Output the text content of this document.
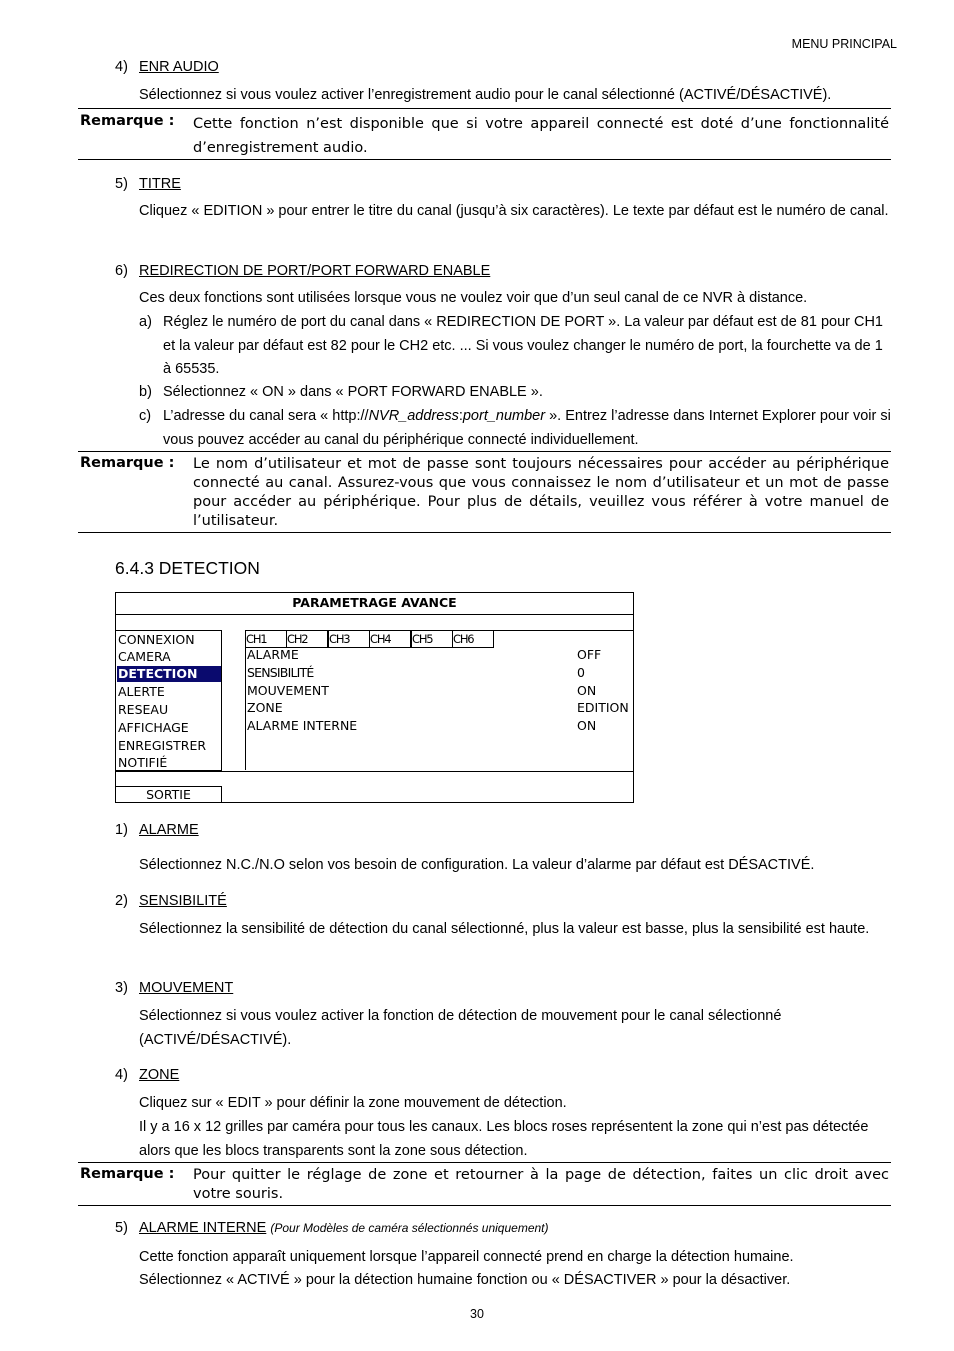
MENU PRINCIPAL
4) ENR AUDIO
Sélectionnez si vous voulez activer l’enregistrement audio pour le canal sélectionné (ACTIVÉ/DÉSACTIVÉ).
Remarque : Cette fonction n’est disponible que si votre appareil connecté est doté d’une fonctionnalité d’enregistrement audio.
5) TITRE
Cliquez « EDITION » pour entrer le titre du canal (jusqu’à six caractères). Le texte par défaut est le numéro de canal.
6) REDIRECTION DE PORT/PORT FORWARD ENABLE
Ces deux fonctions sont utilisées lorsque vous ne voulez voir que d’un seul canal de ce NVR à distance.
a) Réglez le numéro de port du canal dans « REDIRECTION DE PORT ». La valeur par défaut est de 81 pour CH1 et la valeur par défaut est 82 pour le CH2 etc. ... Si vous voulez changer le numéro de port, la fourchette va de 1 à 65535.
b) Sélectionnez « ON » dans « PORT FORWARD ENABLE ».
c) L’adresse du canal sera « http://NVR_address:port_number ». Entrez l’adresse dans Internet Explorer pour voir si vous pouvez accéder au canal du périphérique connecté individuellement.
Remarque : Le nom d’utilisateur et mot de passe sont toujours nécessaires pour accéder au périphérique connecté au canal. Assurez-vous que vous connaissez le nom d’utilisateur et un mot de passe pour accéder au périphérique. Pour plus de détails, veuillez vous référer à votre manuel de l’utilisateur.
6.4.3 DETECTION
PARAMETRAGE AVANCE
CONNEXION
CAMERA
DETECTION
ALERTE
RESEAU
AFFICHAGE
ENREGISTRER
NOTIFIÉ
CH1	CH2	CH3	CH4	CH5	CH6
ALARME	OFF
SENSIBILITÉ	0
MOUVEMENT	ON
ZONE	EDITION
ALARME INTERNE	ON
SORTIE
1) ALARME
Sélectionnez N.C./N.O selon vos besoin de configuration. La valeur d’alarme par défaut est DÉSACTIVÉ.
2) SENSIBILITÉ
Sélectionnez la sensibilité de détection du canal sélectionné, plus la valeur est basse, plus la sensibilité est haute.
3) MOUVEMENT
Sélectionnez si vous voulez activer la fonction de détection de mouvement pour le canal sélectionné (ACTIVÉ/DÉSACTIVÉ).
4) ZONE
Cliquez sur « EDIT » pour définir la zone mouvement de détection.
Il y a 16 x 12 grilles par caméra pour tous les canaux. Les blocs roses représentent la zone qui n’est pas détectée alors que les blocs transparents sont la zone sous détection.
Remarque : Pour quitter le réglage de zone et retourner à la page de détection, faites un clic droit avec votre souris.
5) ALARME INTERNE (Pour Modèles de caméra sélectionnés uniquement)
Cette fonction apparaît uniquement lorsque l’appareil connecté prend en charge la détection humaine.
Sélectionnez « ACTIVÉ » pour la détection humaine fonction ou « DÉSACTIVER » pour la désactiver.
30
